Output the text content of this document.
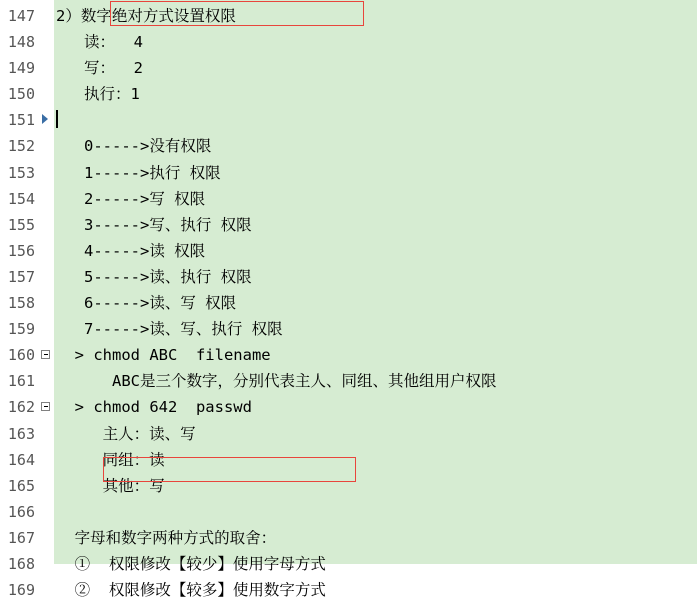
147
148
149
150
151
152
153
154
155
156
157
158
159
160
161
162
163
164
165
166
167
168
169
2）数字绝对方式设置权限
读：  4
写：  2
执行：1
0----->没有权限
1----->执行 权限
2----->写 权限
3----->写、执行 权限
4----->读 权限
5----->读、执行 权限
6----->读、写 权限
7----->读、写、执行 权限
> chmod ABC  filename
ABC是三个数字，分别代表主人、同组、其他组用户权限
> chmod 642  passwd
主人：读、写
同组：读
其他：写
字母和数字两种方式的取舍：
①  权限修改【较少】使用字母方式
②  权限修改【较多】使用数字方式
